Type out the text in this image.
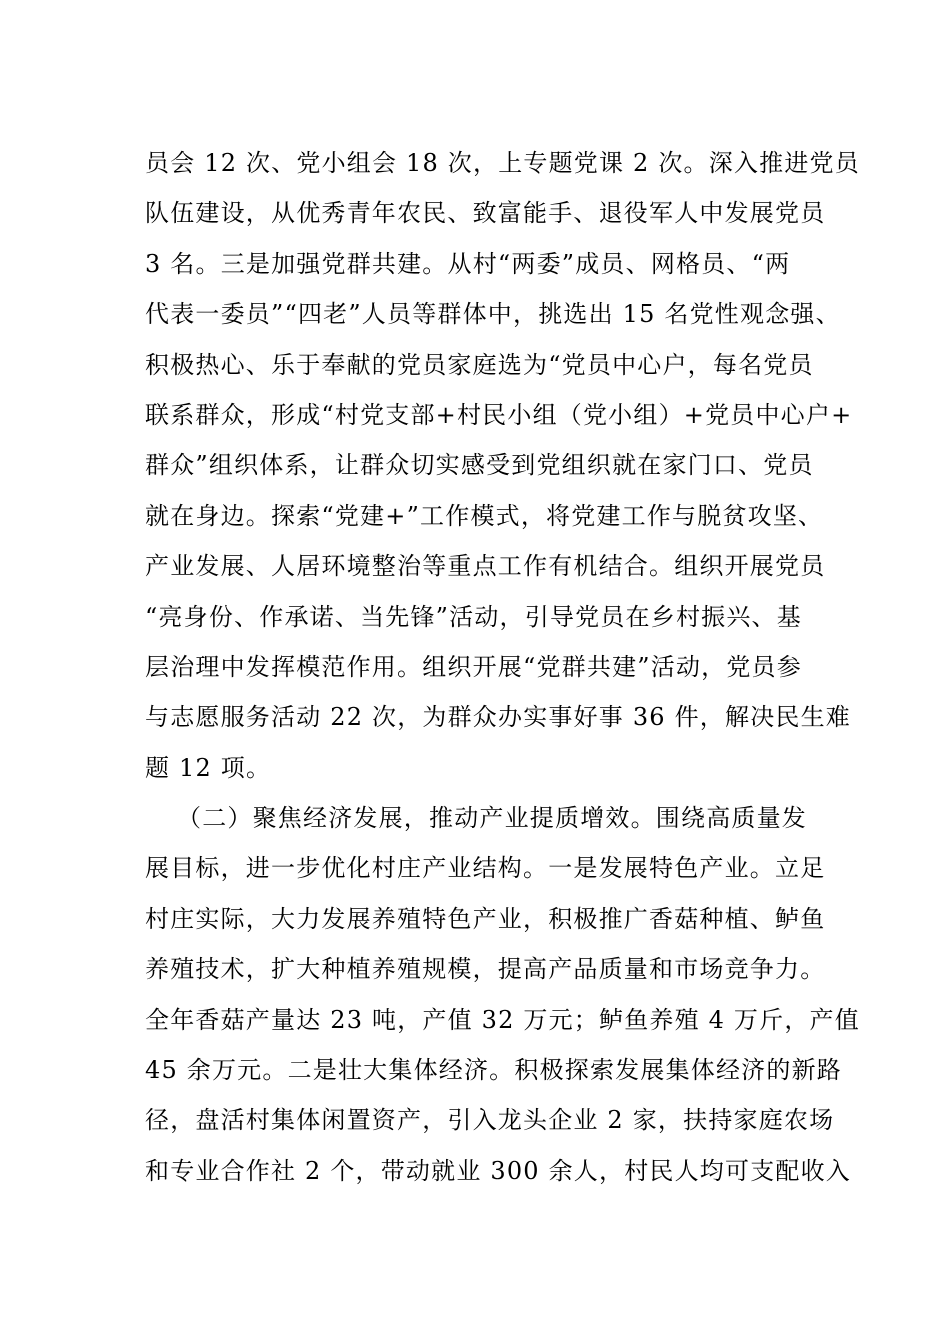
员会 12 次、党小组会 18 次，上专题党课 2 次。深入推进党员
队伍建设，从优秀青年农民、致富能手、退役军人中发展党员
3 名。三是加强党群共建。从村“两委”成员、网格员、“两
代表一委员”“四老”人员等群体中，挑选出 15 名党性观念强、
积极热心、乐于奉献的党员家庭选为“党员中心户，每名党员
联系群众，形成“村党支部+村民小组（党小组）+党员中心户+
群众”组织体系，让群众切实感受到党组织就在家门口、党员
就在身边。探索“党建+”工作模式，将党建工作与脱贫攻坚、
产业发展、人居环境整治等重点工作有机结合。组织开展党员
“亮身份、作承诺、当先锋”活动，引导党员在乡村振兴、基
层治理中发挥模范作用。组织开展“党群共建”活动，党员参
与志愿服务活动 22 次，为群众办实事好事 36 件，解决民生难
题 12 项。
（二）聚焦经济发展，推动产业提质增效。围绕高质量发
展目标，进一步优化村庄产业结构。一是发展特色产业。立足
村庄实际，大力发展养殖特色产业，积极推广香菇种植、鲈鱼
养殖技术，扩大种植养殖规模，提高产品质量和市场竞争力。
全年香菇产量达 23 吨，产值 32 万元；鲈鱼养殖 4 万斤，产值
45 余万元。二是壮大集体经济。积极探索发展集体经济的新路
径，盘活村集体闲置资产，引入龙头企业 2 家，扶持家庭农场
和专业合作社 2 个，带动就业 300 余人，村民人均可支配收入
